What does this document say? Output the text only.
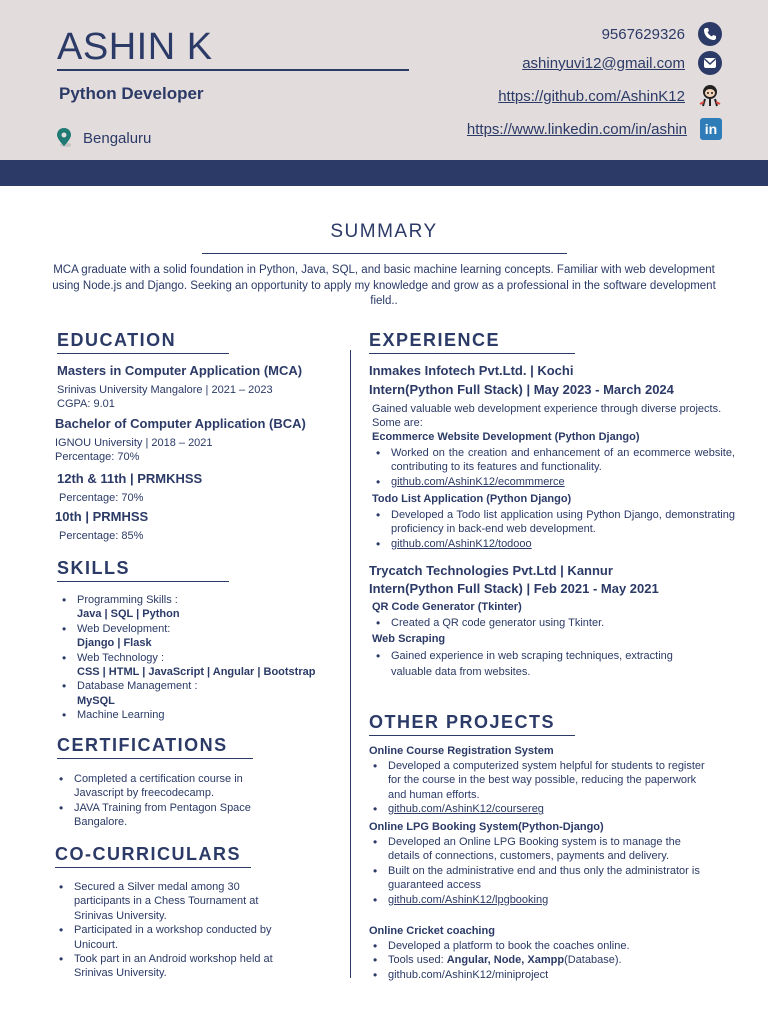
ASHIN K
Python Developer
Bengaluru
9567629326
ashinyuvi12@gmail.com
https://github.com/AshinK12
https://www.linkedin.com/in/ashin	in
SUMMARY
MCA graduate with a solid foundation in Python, Java, SQL, and basic machine learning concepts. Familiar with web development using Node.js and Django. Seeking an opportunity to apply my knowledge and grow as a professional in the software development field..
EDUCATION
Masters in Computer Application (MCA)
Srinivas University Mangalore | 2021 – 2023
CGPA: 9.01
Bachelor of Computer Application (BCA)
IGNOU University | 2018 – 2021
Percentage: 70%
12th & 11th | PRMKHSS
Percentage: 70%
10th | PRMHSS
Percentage: 85%
SKILLS
• Programming Skills :
Java | SQL | Python
• Web Development:
Django | Flask
• Web Technology :
CSS | HTML | JavaScript | Angular | Bootstrap
• Database Management :
MySQL
• Machine Learning
CERTIFICATIONS
• Completed a certification course in Javascript by freecodecamp.
• JAVA Training from Pentagon Space Bangalore.
CO-CURRICULARS
• Secured a Silver medal among 30 participants in a Chess Tournament at Srinivas University.
• Participated in a workshop conducted by Unicourt.
• Took part in an Android workshop held at Srinivas University.
EXPERIENCE
Inmakes Infotech Pvt.Ltd. | Kochi
Intern(Python Full Stack) | May 2023 - March 2024
Gained valuable web development experience through diverse projects. Some are:
Ecommerce Website Development (Python Django)
• Worked on the creation and enhancement of an ecommerce website, contributing to its features and functionality.
• github.com/AshinK12/ecommmerce
Todo List Application (Python Django)
• Developed a Todo list application using Python Django, demonstrating proficiency in back-end web development.
• github.com/AshinK12/todooo
Trycatch Technologies Pvt.Ltd | Kannur
Intern(Python Full Stack) | Feb 2021 - May 2021
QR Code Generator (Tkinter)
• Created a QR code generator using Tkinter.
Web Scraping
• Gained experience in web scraping techniques, extracting valuable data from websites.
OTHER PROJECTS
Online Course Registration System
• Developed a computerized system helpful for students to register for the course in the best way possible, reducing the paperwork and human efforts.
• github.com/AshinK12/coursereg
Online LPG Booking System(Python-Django)
• Developed an Online LPG Booking system is to manage the details of connections, customers, payments and delivery.
• Built on the administrative end and thus only the administrator is guaranteed access
• github.com/AshinK12/lpgbooking
Online Cricket coaching
• Developed a platform to book the coaches online.
• Tools used: Angular, Node, Xampp(Database).
• github.com/AshinK12/miniproject
